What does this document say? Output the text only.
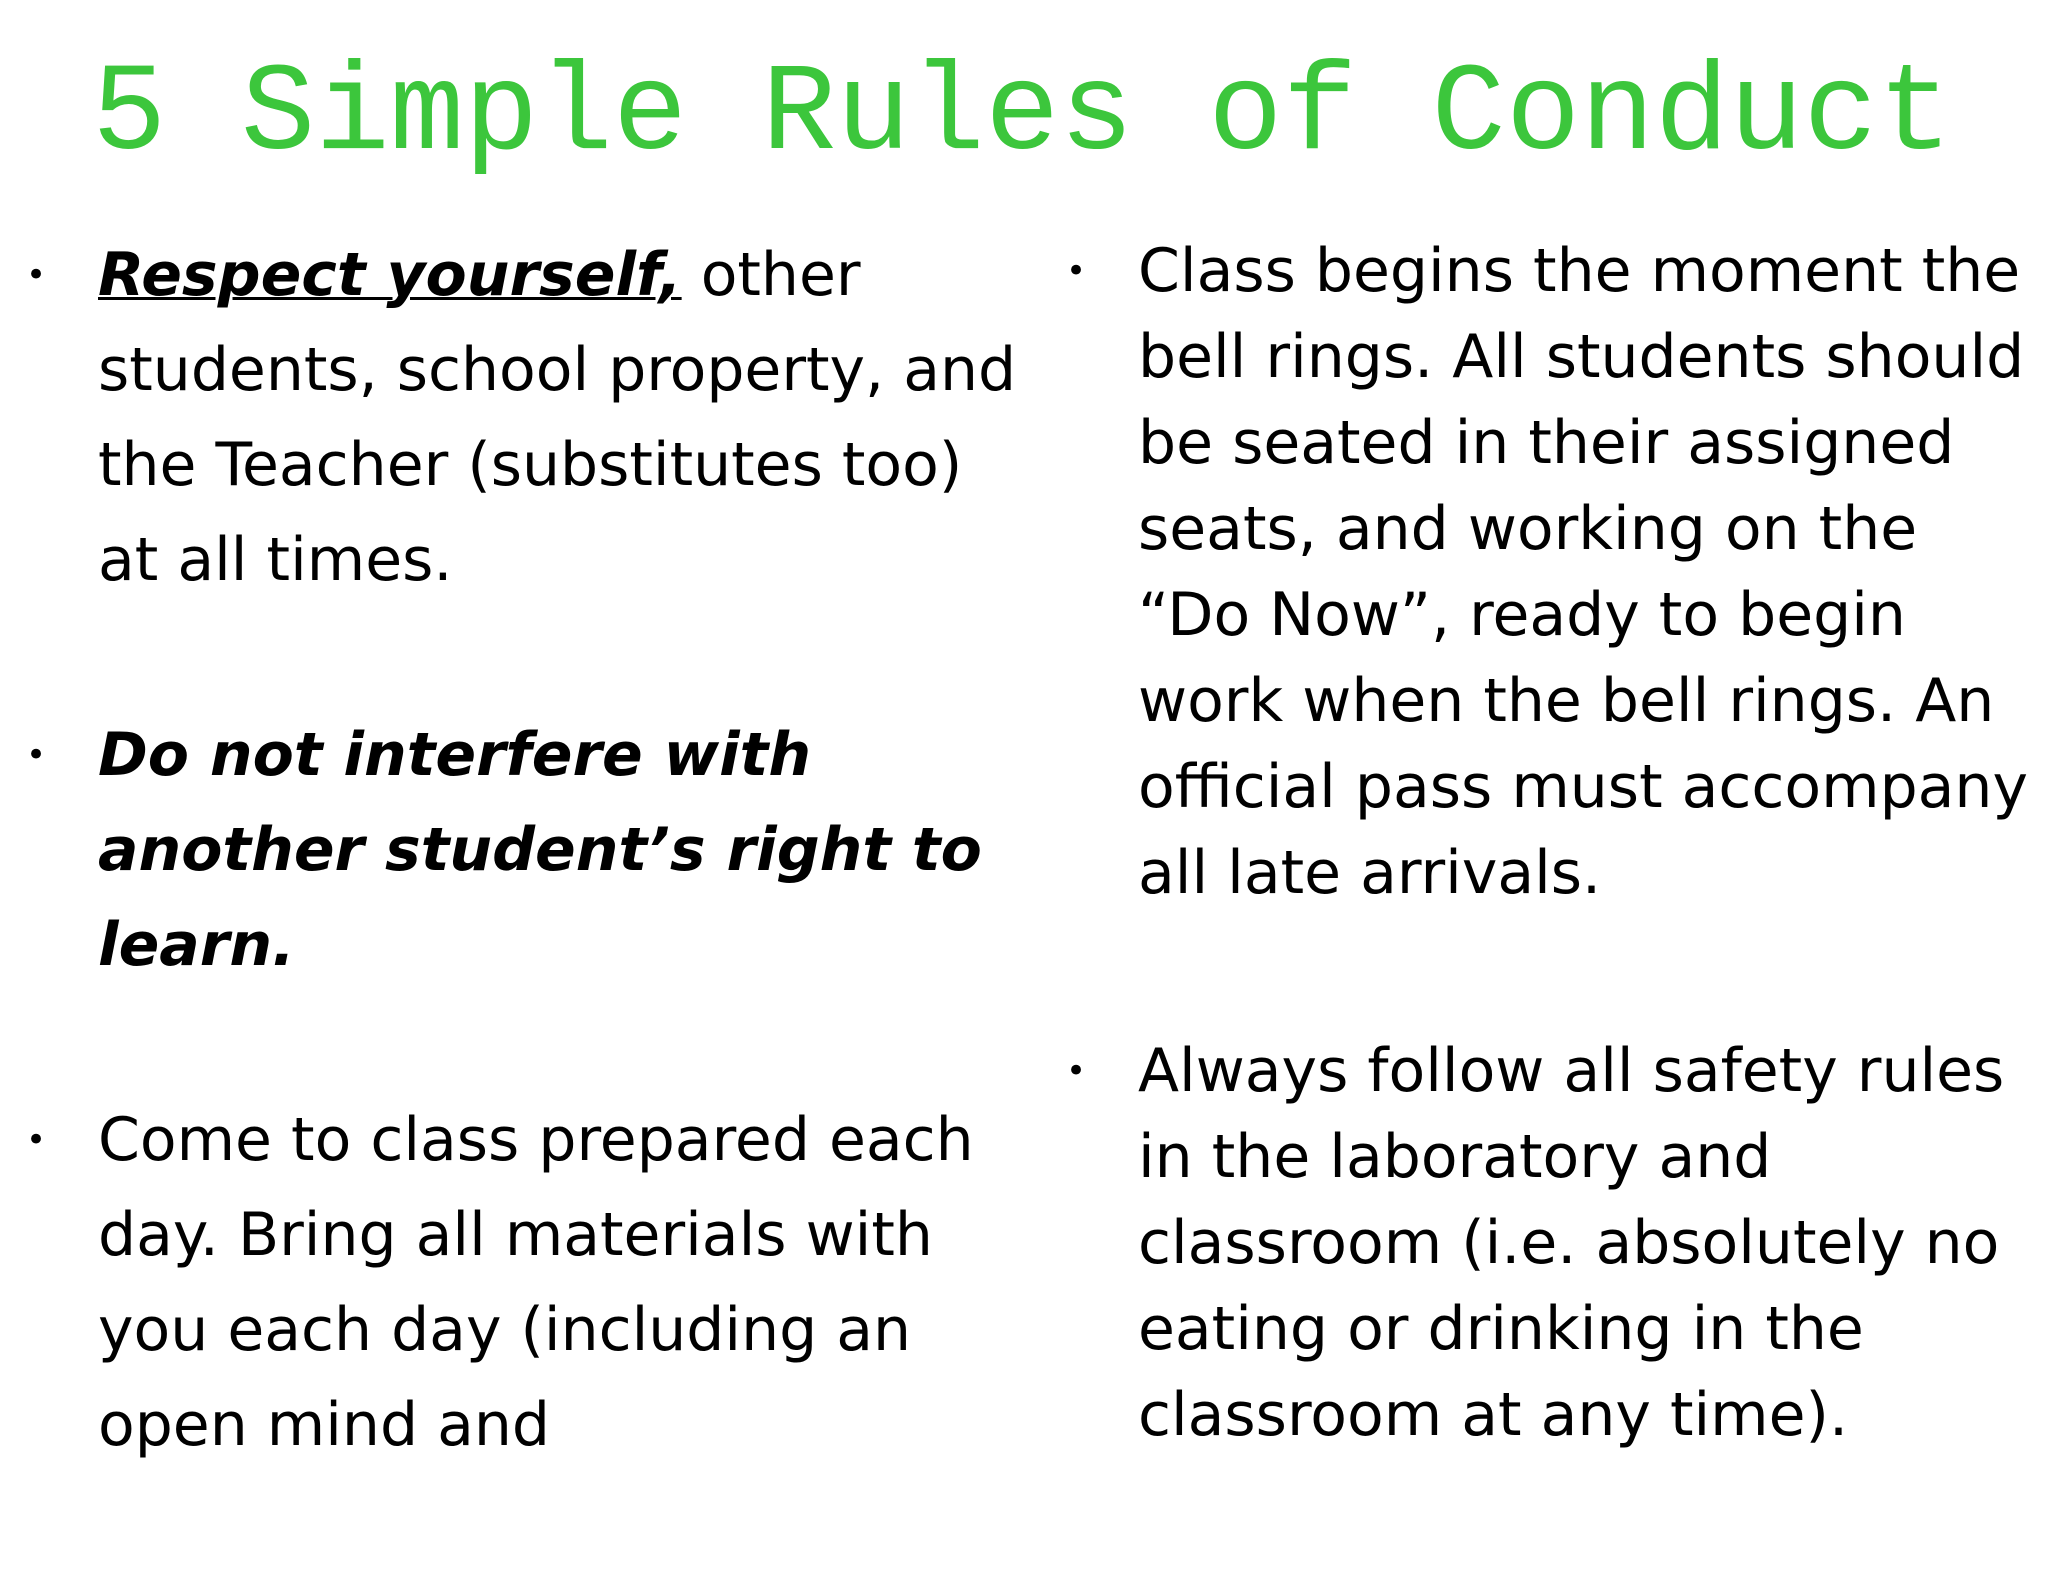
5 Simple Rules of Conduct
• Respect yourself, other students, school property, and the Teacher (substitutes too) at all times.
• Do not interfere with another student’s right to learn.
• Come to class prepared each day. Bring all materials with you each day (including an open mind and
• Class begins the moment the bell rings. All students should be seated in their assigned seats, and working on the “Do Now”, ready to begin work when the bell rings. An official pass must accompany all late arrivals.
• Always follow all safety rules in the laboratory and classroom (i.e. absolutely no eating or drinking in the classroom at any time).
